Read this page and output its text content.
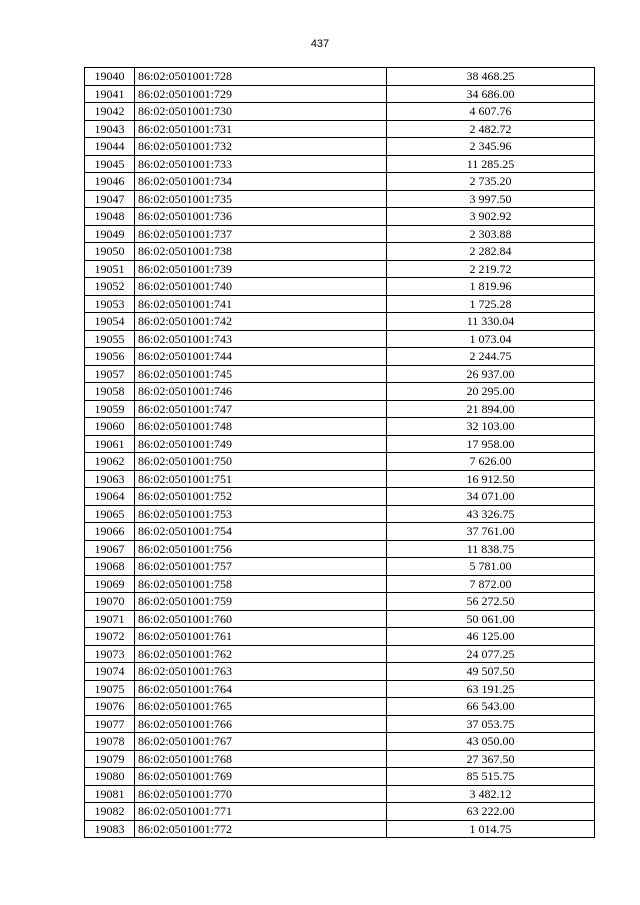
437
19040	86:02:0501001:728	38 468.25
19041	86:02:0501001:729	34 686.00
19042	86:02:0501001:730	4 607.76
19043	86:02:0501001:731	2 482.72
19044	86:02:0501001:732	2 345.96
19045	86:02:0501001:733	11 285.25
19046	86:02:0501001:734	2 735.20
19047	86:02:0501001:735	3 997.50
19048	86:02:0501001:736	3 902.92
19049	86:02:0501001:737	2 303.88
19050	86:02:0501001:738	2 282.84
19051	86:02:0501001:739	2 219.72
19052	86:02:0501001:740	1 819.96
19053	86:02:0501001:741	1 725.28
19054	86:02:0501001:742	11 330.04
19055	86:02:0501001:743	1 073.04
19056	86:02:0501001:744	2 244.75
19057	86:02:0501001:745	26 937.00
19058	86:02:0501001:746	20 295.00
19059	86:02:0501001:747	21 894.00
19060	86:02:0501001:748	32 103.00
19061	86:02:0501001:749	17 958.00
19062	86:02:0501001:750	7 626.00
19063	86:02:0501001:751	16 912.50
19064	86:02:0501001:752	34 071.00
19065	86:02:0501001:753	43 326.75
19066	86:02:0501001:754	37 761.00
19067	86:02:0501001:756	11 838.75
19068	86:02:0501001:757	5 781.00
19069	86:02:0501001:758	7 872.00
19070	86:02:0501001:759	56 272.50
19071	86:02:0501001:760	50 061.00
19072	86:02:0501001:761	46 125.00
19073	86:02:0501001:762	24 077.25
19074	86:02:0501001:763	49 507.50
19075	86:02:0501001:764	63 191.25
19076	86:02:0501001:765	66 543.00
19077	86:02:0501001:766	37 053.75
19078	86:02:0501001:767	43 050.00
19079	86:02:0501001:768	27 367.50
19080	86:02:0501001:769	85 515.75
19081	86:02:0501001:770	3 482.12
19082	86:02:0501001:771	63 222.00
19083	86:02:0501001:772	1 014.75
